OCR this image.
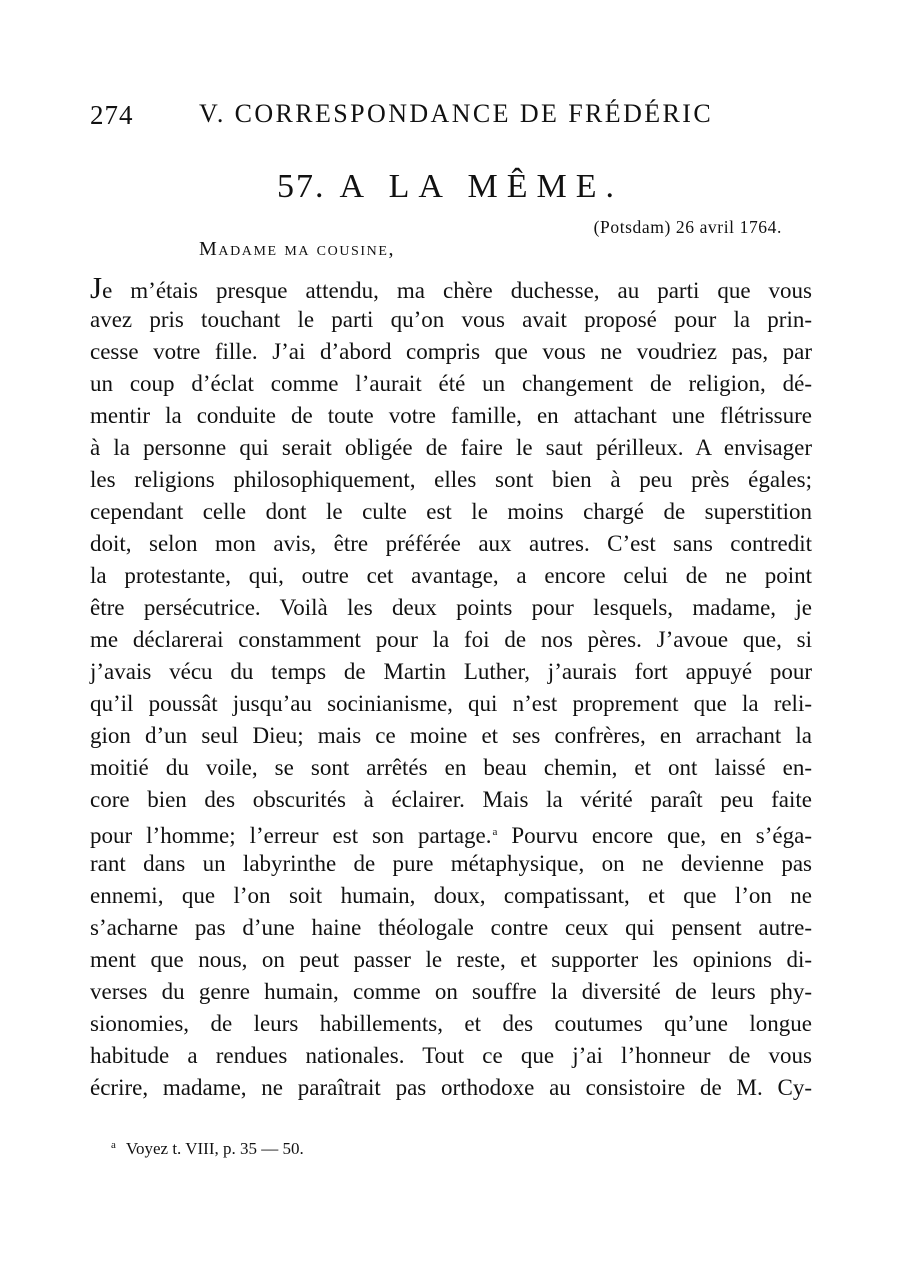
274	V. CORRESPONDANCE DE FRÉDÉRIC
57. A LA MÊME.
(Potsdam) 26 avril 1764.
Madame ma cousine,
Je m’étais presque attendu, ma chère duchesse, au parti que vous
avez pris touchant le parti qu’on vous avait proposé pour la prin-
cesse votre fille. J’ai d’abord compris que vous ne voudriez pas, par
un coup d’éclat comme l’aurait été un changement de religion, dé-
mentir la conduite de toute votre famille, en attachant une flétrissure
à la personne qui serait obligée de faire le saut périlleux. A envisager
les religions philosophiquement, elles sont bien à peu près égales;
cependant celle dont le culte est le moins chargé de superstition
doit, selon mon avis, être préférée aux autres. C’est sans contredit
la protestante, qui, outre cet avantage, a encore celui de ne point
être persécutrice. Voilà les deux points pour lesquels, madame, je
me déclarerai constamment pour la foi de nos pères. J’avoue que, si
j’avais vécu du temps de Martin Luther, j’aurais fort appuyé pour
qu’il poussât jusqu’au socinianisme, qui n’est proprement que la reli-
gion d’un seul Dieu; mais ce moine et ses confrères, en arrachant la
moitié du voile, se sont arrêtés en beau chemin, et ont laissé en-
core bien des obscurités à éclairer. Mais la vérité paraît peu faite
pour l’homme; l’erreur est son partage.$^a$ Pourvu encore que, en s’éga-
rant dans un labyrinthe de pure métaphysique, on ne devienne pas
ennemi, que l’on soit humain, doux, compatissant, et que l’on ne
s’acharne pas d’une haine théologale contre ceux qui pensent autre-
ment que nous, on peut passer le reste, et supporter les opinions di-
verses du genre humain, comme on souffre la diversité de leurs phy-
sionomies, de leurs habillements, et des coutumes qu’une longue
habitude a rendues nationales. Tout ce que j’ai l’honneur de vous
écrire, madame, ne paraîtrait pas orthodoxe au consistoire de M. Cy-
$^a$ Voyez t. VIII, p. 35 — 50.
